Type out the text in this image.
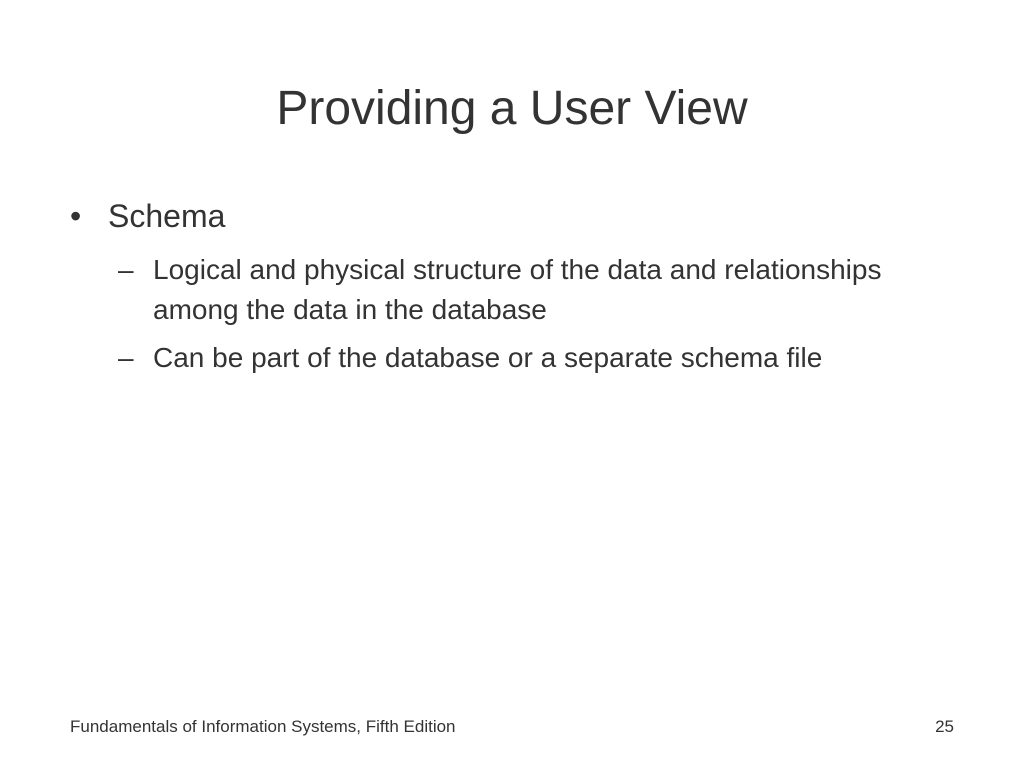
Providing a User View
• Schema
– Logical and physical structure of the data and relationships among the data in the database
– Can be part of the database or a separate schema file
Fundamentals of Information Systems, Fifth Edition	25
